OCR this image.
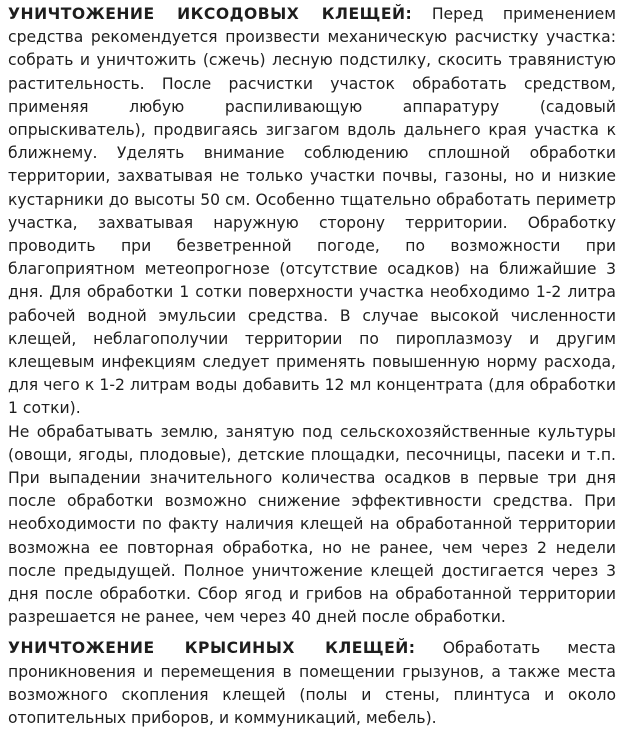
УНИЧТОЖЕНИЕ ИКСОДОВЫХ КЛЕЩЕЙ: Перед применением средства рекомендуется произвести механическую расчистку участка: собрать и уничтожить (сжечь) лесную подстилку, скосить травянистую растительность. После расчистки участок обработать средством, применяя любую распиливающую аппаратуру (садовый опрыскиватель), продвигаясь зигзагом вдоль дальнего края участка к ближнему. Уделять внимание соблюдению сплошной обработки территории, захватывая не только участки почвы, газоны, но и низкие кустарники до высоты 50 см. Особенно тщательно обработать периметр участка, захватывая наружную сторону территории. Обработку проводить при безветренной погоде, по возможности при благоприятном метеопрогнозе (отсутствие осадков) на ближайшие 3 дня. Для обработки 1 сотки поверхности участка необходимо 1-2 литра рабочей водной эмульсии средства. В случае высокой численности клещей, неблагополучии территории по пироплазмозу и другим клещевым инфекциям следует применять повышенную норму расхода, для чего к 1-2 литрам воды добавить 12 мл концентрата (для обработки 1 сотки).

Не обрабатывать землю, занятую под сельскохозяйственные культуры (овощи, ягоды, плодовые), детские площадки, песочницы, пасеки и т.п. При выпадении значительного количества осадков в первые три дня после обработки возможно снижение эффективности средства. При необходимости по факту наличия клещей на обработанной территории возможна ее повторная обработка, но не ранее, чем через 2 недели после предыдущей. Полное уничтожение клещей достигается через 3 дня после обработки. Сбор ягод и грибов на обработанной территории разрешается не ранее, чем через 40 дней после обработки.

УНИЧТОЖЕНИЕ КРЫСИНЫХ КЛЕЩЕЙ: Обработать места проникновения и перемещения в помещении грызунов, а также места возможного скопления клещей (полы и стены, плинтуса и около отопительных приборов, и коммуникаций, мебель).
